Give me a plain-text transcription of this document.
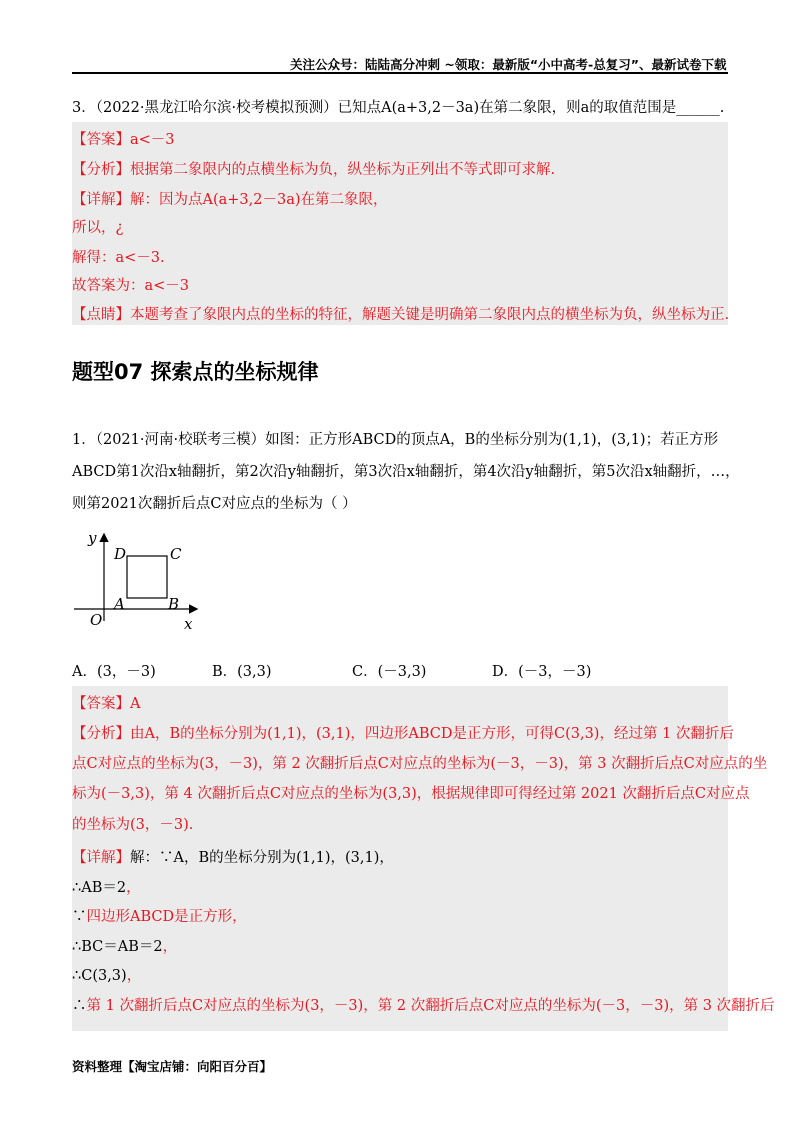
关注公众号：陆陆高分冲刺 ~领取：最新版“小中高考-总复习”、最新试卷下载
3．（2022·黑龙江哈尔滨·校考模拟预测）已知点A(a+3,2－3a)在第二象限，则a的取值范围是______.
【答案】a<－3
【分析】根据第二象限内的点横坐标为负，纵坐标为正列出不等式即可求解.
【详解】解：因为点A(a+3,2－3a)在第二象限，
所以，¿
解得：a<－3.
故答案为：a<－3
【点睛】本题考查了象限内点的坐标的特征，解题关键是明确第二象限内点的横坐标为负，纵坐标为正.
题型07 探索点的坐标规律
1．（2021·河南·校联考三模）如图：正方形ABCD的顶点A，B的坐标分别为(1,1)，(3,1)；若正方形
ABCD第1次沿x轴翻折，第2次沿y轴翻折，第3次沿x轴翻折，第4次沿y轴翻折，第5次沿x轴翻折，…，
则第2021次翻折后点C对应点的坐标为（ ）
y
x
O
A	B
C
D
A．(3，－3)	B．(3,3)	C．(－3,3)	D．(－3，－3)
【答案】A
【分析】由A，B的坐标分别为(1,1)，(3,1)，四边形ABCD是正方形，可得C(3,3)，经过第 1 次翻折后
点C对应点的坐标为(3，－3)，第 2 次翻折后点C对应点的坐标为(－3，－3)，第 3 次翻折后点C对应点的坐
标为(－3,3)，第 4 次翻折后点C对应点的坐标为(3,3)，根据规律即可得经过第 2021 次翻折后点C对应点
的坐标为(3，－3).
【详解】解：∵A，B的坐标分别为(1,1)，(3,1)，
∴AB＝2，
∵四边形ABCD是正方形，
∴BC＝AB＝2，
∴C(3,3)，
∴第 1 次翻折后点C对应点的坐标为(3，－3)，第 2 次翻折后点C对应点的坐标为(－3，－3)，第 3 次翻折后
资料整理【淘宝店铺：向阳百分百】
